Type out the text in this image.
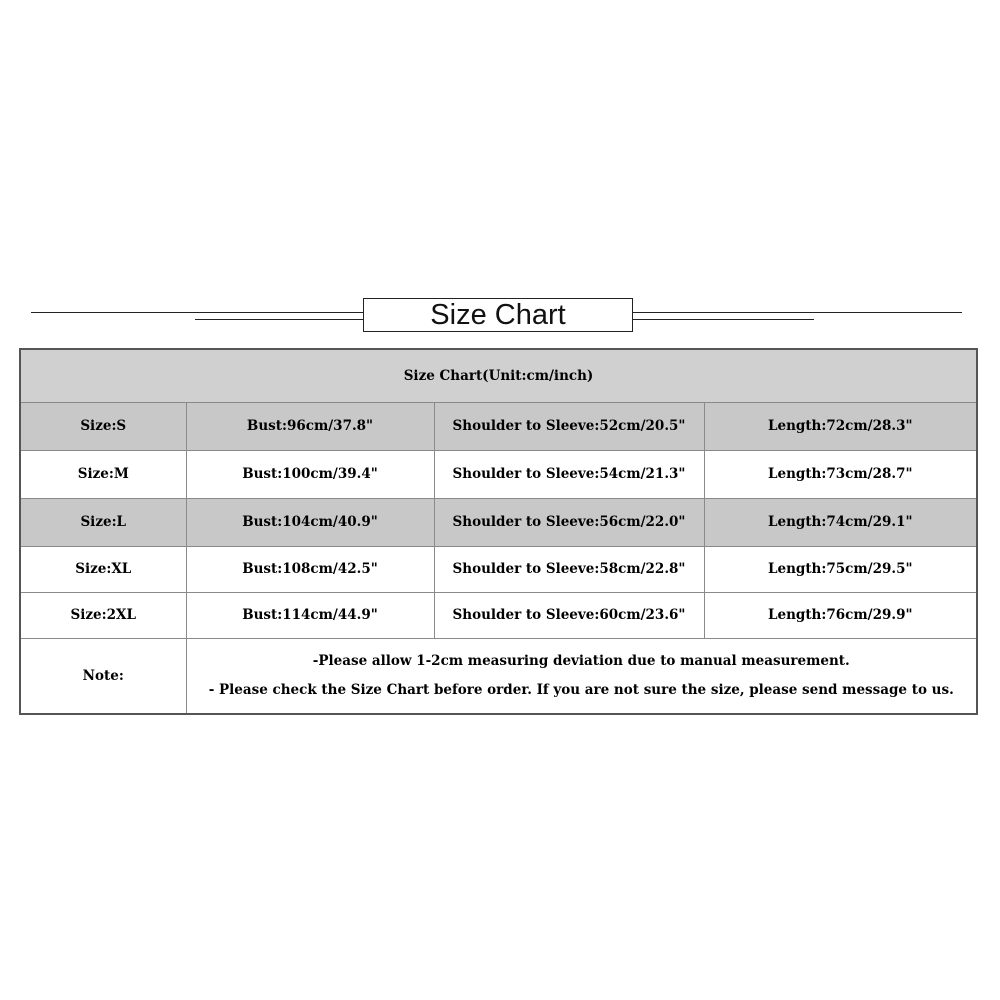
Size Chart
Size Chart(Unit:cm/inch)			
Size:S	Bust:96cm/37.8"	Shoulder to Sleeve:52cm/20.5"	Length:72cm/28.3"
Size:M	Bust:100cm/39.4"	Shoulder to Sleeve:54cm/21.3"	Length:73cm/28.7"
Size:L	Bust:104cm/40.9"	Shoulder to Sleeve:56cm/22.0"	Length:74cm/29.1"
Size:XL	Bust:108cm/42.5"	Shoulder to Sleeve:58cm/22.8"	Length:75cm/29.5"
Size:2XL	Bust:114cm/44.9"	Shoulder to Sleeve:60cm/23.6"	Length:76cm/29.9"
Note:	-Please allow 1-2cm measuring deviation due to manual measurement.
- Please check the Size Chart before order. If you are not sure the size, please send message to us.		
